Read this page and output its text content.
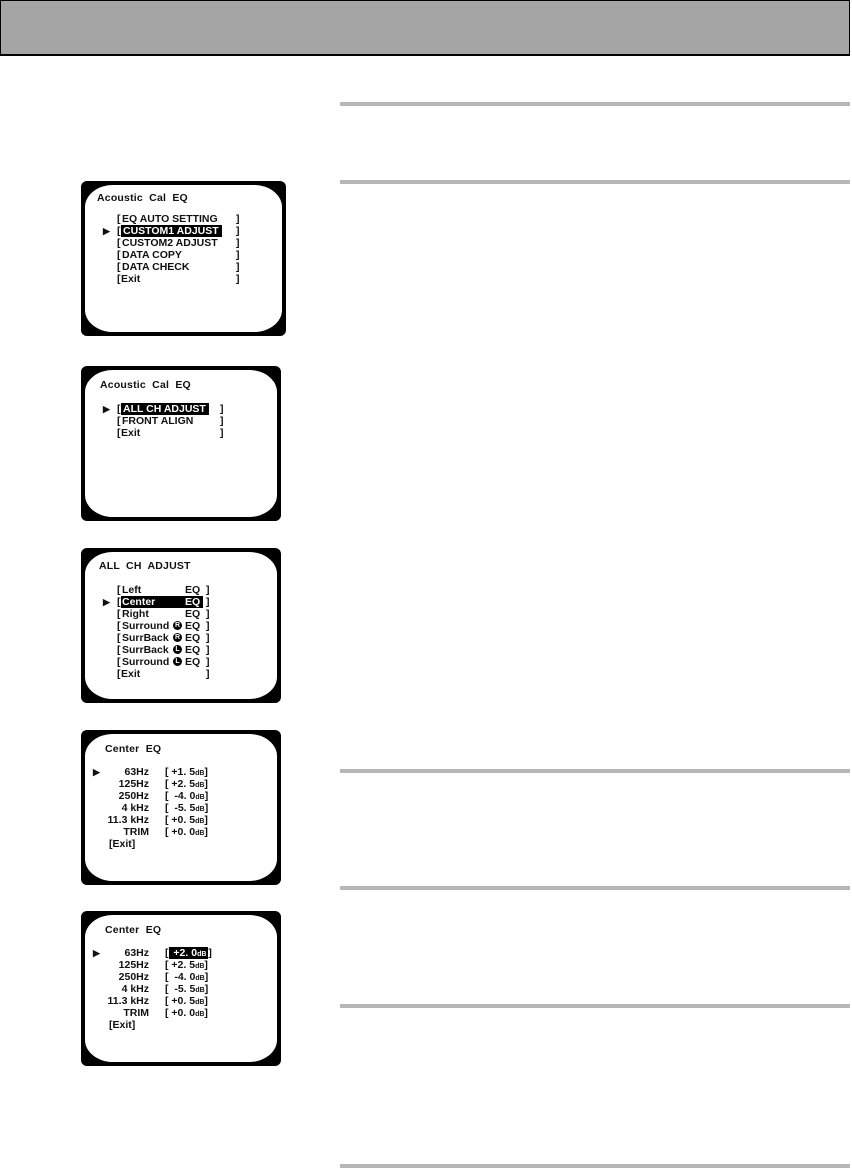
Acoustic  Cal  EQ
[ EQ AUTO SETTING ]
▶ [ CUSTOM1 ADJUST ]
[ CUSTOM2 ADJUST ]
[ DATA COPY	]
[ DATA CHECK	]
[ Exit	]
Acoustic  Cal  EQ
▶ [ ALL CH ADJUST ]
[ FRONT ALIGN	]
[ Exit	]
ALL  CH  ADJUST
[ Left	EQ ]
▶ [ Center	EQ ]
[ Right	EQ ]
[ Surround R EQ ]
[ SurrBack R EQ ]
[ SurrBack L EQ ]
[ Surround L EQ ]
[ Exit	]
Center  EQ
▶ 63Hz [ +1. 5dB]
125Hz [ +2. 5dB]
250Hz [  -4. 0dB]
4 kHz [  -5. 5dB]
11.3 kHz [ +0. 5dB]
TRIM [ +0. 0dB]
[Exit]
Center  EQ
▶ 63Hz [ +2. 0dB ]
125Hz [ +2. 5dB]
250Hz [  -4. 0dB]
4 kHz [  -5. 5dB]
11.3 kHz [ +0. 5dB]
TRIM [ +0. 0dB]
[Exit]
